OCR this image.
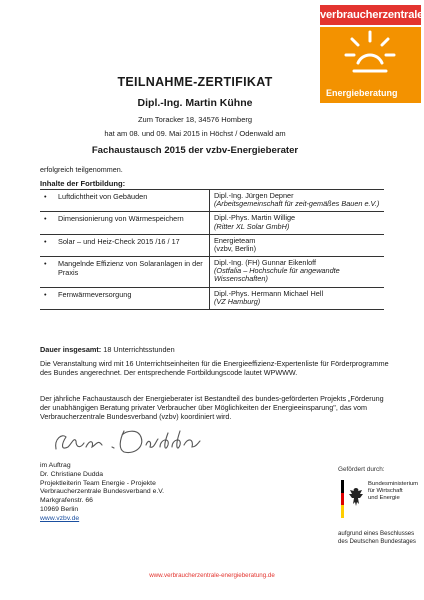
verbraucherzentrale
Energieberatung
TEILNAHME-ZERTIFIKAT
Dipl.-Ing. Martin Kühne
Zum Toracker 18, 34576 Homberg
hat am 08. und 09. Mai 2015 in Höchst / Odenwald am
Fachaustausch 2015 der vzbv-Energieberater
erfolgreich teilgenommen.
Inhalte der Fortbildung:
•	Luftdichtheit von Gebäuden	Dipl.-Ing. Jürgen Depner
(Arbeitsgemeinschaft für zeit-gemäßes Bauen e.V.)

•	Dimensionierung von Wärmespeichern	Dipl.-Phys. Martin Willige
(Ritter XL Solar GmbH)

•	Solar – und Heiz-Check 2015 /16 / 17	Energieteam
(vzbv, Berlin)

•	Mangelnde Effizienz von Solaranlagen in der Praxis	Dipl.-Ing. (FH) Gunnar Eikenloff
(Ostfalia – Hochschule für angewandte Wissenschaften)

•	Fernwärmeversorgung	Dipl.-Phys. Hermann Michael Hell
(VZ Hamburg)
Dauer insgesamt: 18 Unterrichtsstunden
Die Veranstaltung wird mit 16 Unterrichtseinheiten für die Energieeffizienz-Expertenliste für Förderprogramme des Bundes angerechnet. Der entsprechende Fortbildungscode lautet WPWWW.
Der jährliche Fachaustausch der Energieberater ist Bestandteil des bundes-geförderten Projekts „Förderung der unabhängigen Beratung privater Verbraucher über Möglichkeiten der Energieeinsparung", das vom Verbraucherzentrale Bundesverband (vzbv) koordiniert wird.
im Auftrag
Dr. Christiane Dudda
Projektleiterin Team Energie - Projekte
Verbraucherzentrale Bundesverband e.V.
Markgrafenstr. 66
10969 Berlin
www.vzbv.de
Gefördert durch:
Bundesministerium
für Wirtschaft
und Energie
aufgrund eines Beschlusses
des Deutschen Bundestages
www.verbraucherzentrale-energieberatung.de
